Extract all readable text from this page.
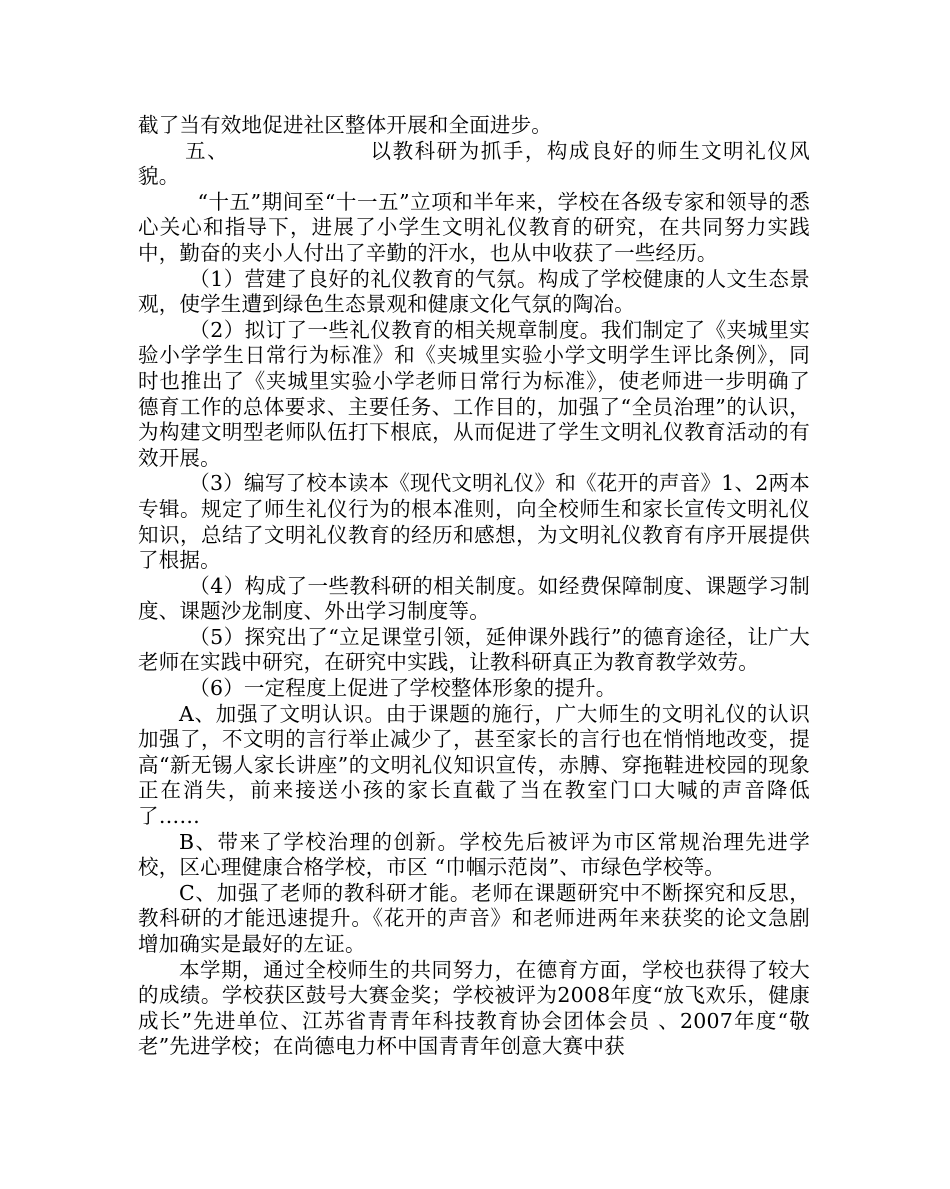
截了当有效地促进社区整体开展和全面进步。

五、	以教科研为抓手，构成良好的师生文明礼仪风貌。

“十五”期间至“十一五”立项和半年来，学校在各级专家和领导的悉心关心和指导下，进展了小学生文明礼仪教育的研究，在共同努力实践中，勤奋的夹小人付出了辛勤的汗水，也从中收获了一些经历。

（1）营建了良好的礼仪教育的气氛。构成了学校健康的人文生态景观，使学生遭到绿色生态景观和健康文化气氛的陶冶。

（2）拟订了一些礼仪教育的相关规章制度。我们制定了《夹城里实验小学学生日常行为标准》和《夹城里实验小学文明学生评比条例》，同时也推出了《夹城里实验小学老师日常行为标准》，使老师进一步明确了德育工作的总体要求、主要任务、工作目的，加强了“全员治理”的认识，为构建文明型老师队伍打下根底，从而促进了学生文明礼仪教育活动的有效开展。

（3）编写了校本读本《现代文明礼仪》和《花开的声音》1、2两本专辑。规定了师生礼仪行为的根本准则，向全校师生和家长宣传文明礼仪知识，总结了文明礼仪教育的经历和感想，为文明礼仪教育有序开展提供了根据。

（4）构成了一些教科研的相关制度。如经费保障制度、课题学习制度、课题沙龙制度、外出学习制度等。

（5）探究出了“立足课堂引领，延伸课外践行”的德育途径，让广大老师在实践中研究，在研究中实践，让教科研真正为教育教学效劳。

（6）一定程度上促进了学校整体形象的提升。

A、加强了文明认识。由于课题的施行，广大师生的文明礼仪的认识加强了，不文明的言行举止减少了，甚至家长的言行也在悄悄地改变，提高“新无锡人家长讲座”的文明礼仪知识宣传，赤膊、穿拖鞋进校园的现象正在消失，前来接送小孩的家长直截了当在教室门口大喊的声音降低了……

B、带来了学校治理的创新。学校先后被评为市区常规治理先进学校，区心理健康合格学校，市区 “巾帼示范岗”、市绿色学校等。

C、加强了老师的教科研才能。老师在课题研究中不断探究和反思，教科研的才能迅速提升。《花开的声音》和老师进两年来获奖的论文急剧增加确实是最好的左证。

本学期，通过全校师生的共同努力，在德育方面，学校也获得了较大的成绩。学校获区鼓号大赛金奖；学校被评为2008年度“放飞欢乐，健康成长”先进单位、江苏省青青年科技教育协会团体会员 、2007年度“敬老”先进学校；在尚德电力杯中国青青年创意大赛中获
